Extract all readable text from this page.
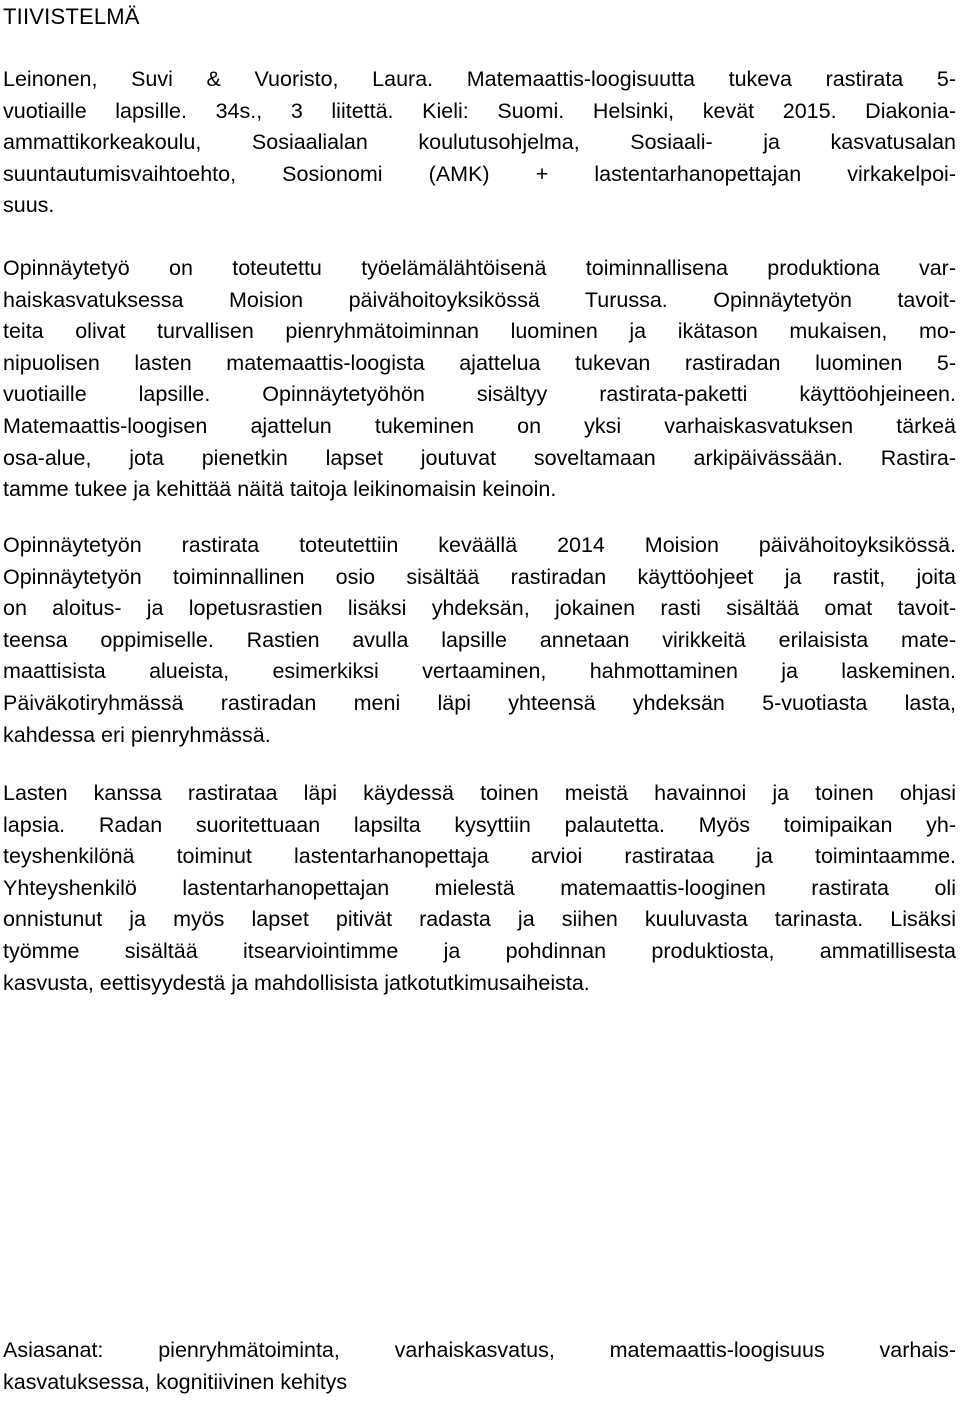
TIIVISTELMÄ

Leinonen, Suvi & Vuoristo, Laura. Matemaattis-loogisuutta tukeva rastirata 5-
vuotiaille lapsille. 34s., 3 liitettä. Kieli: Suomi. Helsinki, kevät 2015. Diakonia-
ammattikorkeakoulu, Sosiaalialan koulutusohjelma, Sosiaali- ja kasvatusalan
suuntautumisvaihtoehto, Sosionomi (AMK) + lastentarhanopettajan virkakelpoi-
suus.

Opinnäytetyö on toteutettu työelämälähtöisenä toiminnallisena produktiona var-
haiskasvatuksessa Moision päivähoitoyksikössä Turussa. Opinnäytetyön tavoit-
teita olivat turvallisen pienryhmätoiminnan luominen ja ikätason mukaisen, mo-
nipuolisen lasten matemaattis-loogista ajattelua tukevan rastiradan luominen 5-
vuotiaille lapsille. Opinnäytetyöhön sisältyy rastirata-paketti käyttöohjeineen.
Matemaattis-loogisen ajattelun tukeminen on yksi varhaiskasvatuksen tärkeä
osa-alue, jota pienetkin lapset joutuvat soveltamaan arkipäivässään. Rastira-
tamme tukee ja kehittää näitä taitoja leikinomaisin keinoin.

Opinnäytetyön rastirata toteutettiin keväällä 2014 Moision päivähoitoyksikössä.
Opinnäytetyön toiminnallinen osio sisältää rastiradan käyttöohjeet ja rastit, joita
on aloitus- ja lopetusrastien lisäksi yhdeksän, jokainen rasti sisältää omat tavoit-
teensa oppimiselle. Rastien avulla lapsille annetaan virikkeitä erilaisista mate-
maattisista alueista, esimerkiksi vertaaminen, hahmottaminen ja laskeminen.
Päiväkotiryhmässä rastiradan meni läpi yhteensä yhdeksän 5-vuotiasta lasta,
kahdessa eri pienryhmässä.

Lasten kanssa rastirataa läpi käydessä toinen meistä havainnoi ja toinen ohjasi
lapsia. Radan suoritettuaan lapsilta kysyttiin palautetta. Myös toimipaikan yh-
teyshenkilönä toiminut lastentarhanopettaja arvioi rastirataa ja toimintaamme.
Yhteyshenkilö lastentarhanopettajan mielestä matemaattis-looginen rastirata oli
onnistunut ja myös lapset pitivät radasta ja siihen kuuluvasta tarinasta. Lisäksi
työmme sisältää itsearviointimme ja pohdinnan produktiosta, ammatillisesta
kasvusta, eettisyydestä ja mahdollisista jatkotutkimusaiheista.

Asiasanat: pienryhmätoiminta, varhaiskasvatus, matemaattis-loogisuus varhais-
kasvatuksessa, kognitiivinen kehitys
